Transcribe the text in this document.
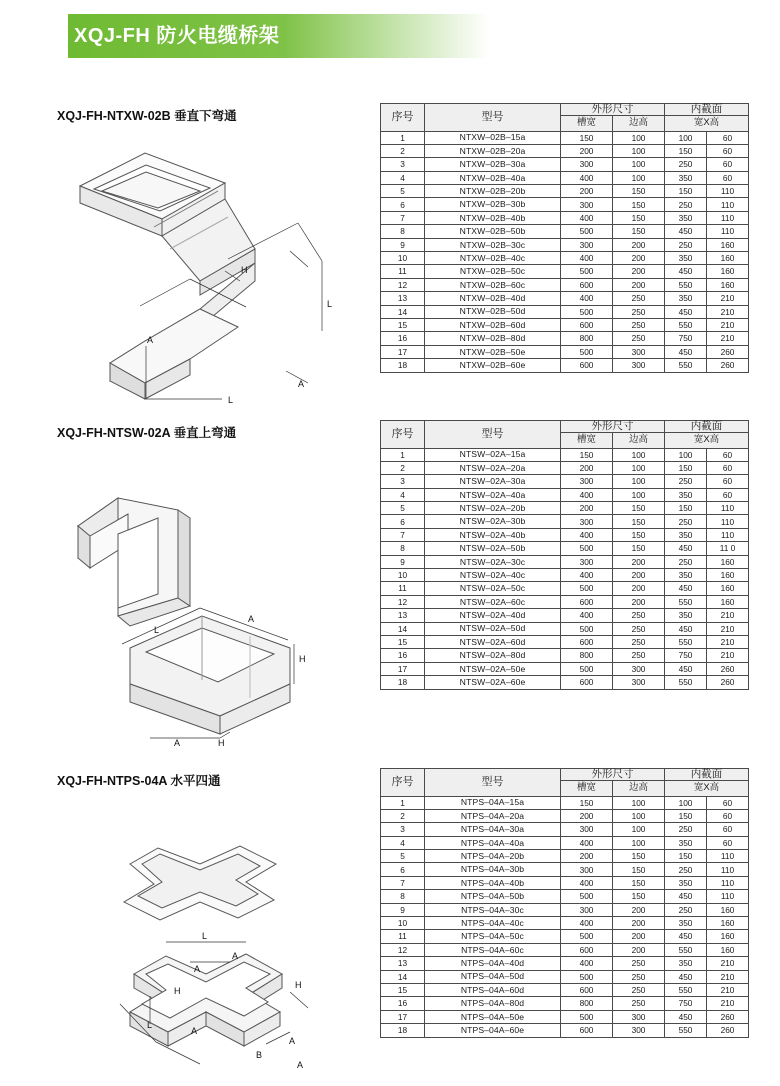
XQJ-FH 防火电缆桥架
XQJ-FH-NTXW-02B 垂直下弯通
H
A
L
A
L
序号	型号	外形尺寸		内截面	
		槽宽	边高	宽X高	
1	NTXW–02B–15a	150	100	100	60
2	NTXW–02B–20a	200	100	150	60
3	NTXW–02B–30a	300	100	250	60
4	NTXW–02B–40a	400	100	350	60
5	NTXW–02B–20b	200	150	150	110
6	NTXW–02B–30b	300	150	250	110
7	NTXW–02B–40b	400	150	350	110
8	NTXW–02B–50b	500	150	450	110
9	NTXW–02B–30c	300	200	250	160
10	NTXW–02B–40c	400	200	350	160
11	NTXW–02B–50c	500	200	450	160
12	NTXW–02B–60c	600	200	550	160
13	NTXW–02B–40d	400	250	350	210
14	NTXW–02B–50d	500	250	450	210
15	NTXW–02B–60d	600	250	550	210
16	NTXW–02B–80d	800	250	750	210
17	NTXW–02B–50e	500	300	450	260
18	NTXW–02B–60e	600	300	550	260
XQJ-FH-NTSW-02A 垂直上弯通
L
A
H
A	H
序号	型号	外形尺寸		内截面	
		槽宽	边高	宽X高	
1	NTSW–02A–15a	150	100	100	60
2	NTSW–02A–20a	200	100	150	60
3	NTSW–02A–30a	300	100	250	60
4	NTSW–02A–40a	400	100	350	60
5	NTSW–02A–20b	200	150	150	110
6	NTSW–02A–30b	300	150	250	110
7	NTSW–02A–40b	400	150	350	110
8	NTSW–02A–50b	500	150	450	11 0
9	NTSW–02A–30c	300	200	250	160
10	NTSW–02A–40c	400	200	350	160
11	NTSW–02A–50c	500	200	450	160
12	NTSW–02A–60c	600	200	550	160
13	NTSW–02A–40d	400	250	350	210
14	NTSW–02A–50d	500	250	450	210
15	NTSW–02A–60d	600	250	550	210
16	NTSW–02A–80d	800	250	750	210
17	NTSW–02A–50e	500	300	450	260
18	NTSW–02A–60e	600	300	550	260
XQJ-FH-NTPS-04A 水平四通
L
A
A
H
H
L
A
A
B
A
序号	型号	外形尺寸		内截面	
		槽宽	边高	宽X高	
1	NTPS–04A–15a	150	100	100	60
2	NTPS–04A–20a	200	100	150	60
3	NTPS–04A–30a	300	100	250	60
4	NTPS–04A–40a	400	100	350	60
5	NTPS–04A–20b	200	150	150	110
6	NTPS–04A–30b	300	150	250	110
7	NTPS–04A–40b	400	150	350	110
8	NTPS–04A–50b	500	150	450	110
9	NTPS–04A–30c	300	200	250	160
10	NTPS–04A–40c	400	200	350	160
11	NTPS–04A–50c	500	200	450	160
12	NTPS–04A–60c	600	200	550	160
13	NTPS–04A–40d	400	250	350	210
14	NTPS–04A–50d	500	250	450	210
15	NTPS–04A–60d	600	250	550	210
16	NTPS–04A–80d	800	250	750	210
17	NTPS–04A–50e	500	300	450	260
18	NTPS–04A–60e	600	300	550	260
